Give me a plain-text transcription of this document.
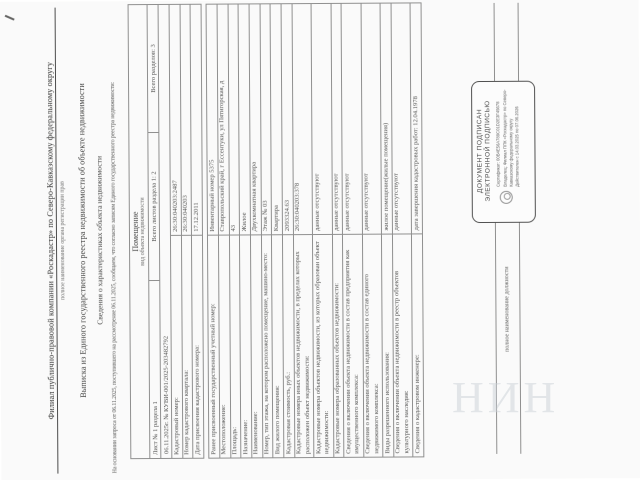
Филиал публично-правовой компании «Роскадастр» по Северо-Кавказскому федеральному округу полное наименование органа регистрации прав Выписка из Единого государственного реестра недвижимости об объекте недвижимости Сведения о характеристиках объекта недвижимости На основании запроса от 06.11.2025, поступившего на рассмотрение 06.11.2025, сообщаем, что согласно записям Единого государственного реестра недвижимости: Помещение вид объекта недвижимости
Лист № 1 раздела 1
Всего листов раздела 1: 2
Всего разделов: 3
06.11.2025г. № КУВИ-001/2025-203482792 Кадастровый номер:
26:30:040203:2487
Номер кадастрового квартала:
26:30:040203
Дата присвоения кадастрового номера:
17.12.2011
Ранее присвоенный государственный учетный номер:
Инвентарный номер 5375
Местоположение:
Ставропольский край, г Ессентуки, ул Пятигорская, д
Площадь:
43
Назначение:
Жилое
Наименование:
Двухкомнатная квартира
Номер, тип этажа, на котором расположено помещение, машино-место:
Этаж № 03
Вид жилого помещения:
Квартира
Кадастровая стоимость, руб.:
2093324.63
Кадастровые номера иных объектов недвижимости, в пределах которых расположен объект недвижимости:
26:30:040203:378
Кадастровые номера объектов недвижимости, из которых образован объект недвижимости:
данные отсутствуют
Кадастровые номера образованных объектов недвижимости:
данные отсутствуют
Сведения о включении объекта недвижимости в состав предприятия как имущественного комплекса:
данные отсутствуют
Сведения о включении объекта недвижимости в состав единого недвижимого комплекса:
данные отсутствуют
Виды разрешенного использования:
жилое помещение(жилые помещения)
Сведения о включении объекта недвижимости в реестр объектов культурного наследия:
данные отсутствуют
Сведения о кадастровом инженере:
дата завершения кадастровых работ: 12.04.1978
полное наименование должности
ДОКУМЕНТ ПОДПИСАН ЭЛЕКТРОННОЙ ПОДПИСЬЮ Сертификат: 00В4Е56А789С01D2Е3F45678 Владелец: Филиал ППК «Роскадастр» по Северо-Кавказскому федеральному округу Действителен с 14.03.2025 по 07.06.2026
НИН
